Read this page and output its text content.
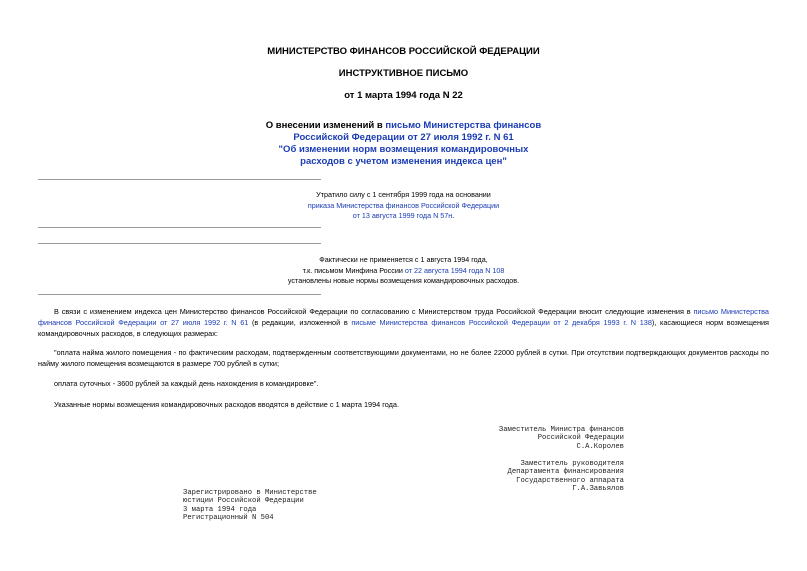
МИНИСТЕРСТВО ФИНАНСОВ РОССИЙСКОЙ ФЕДЕРАЦИИ
ИНСТРУКТИВНОЕ ПИСЬМО
от 1 марта 1994 года N 22
О внесении изменений в письмо Министерства финансов
Российской Федерации от 27 июля 1992 г. N 61
"Об изменении норм возмещения командировочных
расходов с учетом изменения индекса цен"
Утратило силу с 1 сентября 1999 года на основании
приказа Министерства финансов Российской Федерации
от 13 августа 1999 года N 57н.
Фактически не применяется с 1 августа 1994 года,
т.к. письмом Минфина России от 22 августа 1994 года N 108
установлены новые нормы возмещения командировочных расходов.
В связи с изменением индекса цен Министерство финансов Российской Федерации по согласованию с Министерством труда Российской Федерации вносит следующие изменения в письмо Министерства финансов Российской Федерации от 27 июля 1992 г. N 61 (в редакции, изложенной в письме Министерства финансов Российской Федерации от 2 декабря 1993 г. N 138), касающиеся норм возмещения командировочных расходов, в следующих размерах:
"оплата найма жилого помещения - по фактическим расходам, подтвержденным соответствующими документами, но не более 22000 рублей в сутки. При отсутствии подтверждающих документов расходы по найму жилого помещения возмещаются в размере 700 рублей в сутки;
оплата суточных - 3600 рублей за каждый день нахождения в командировке".
Указанные нормы возмещения командировочных расходов вводятся в действие с 1 марта 1994 года.
Заместитель Министра финансов
Российской Федерации
С.А.Королев
Заместитель руководителя
Департамента финансирования
Государственного аппарата
Г.А.Завьялов
Зарегистрировано в Министерстве
юстиции Российской Федерации
3 марта 1994 года
Регистрационный N 504
